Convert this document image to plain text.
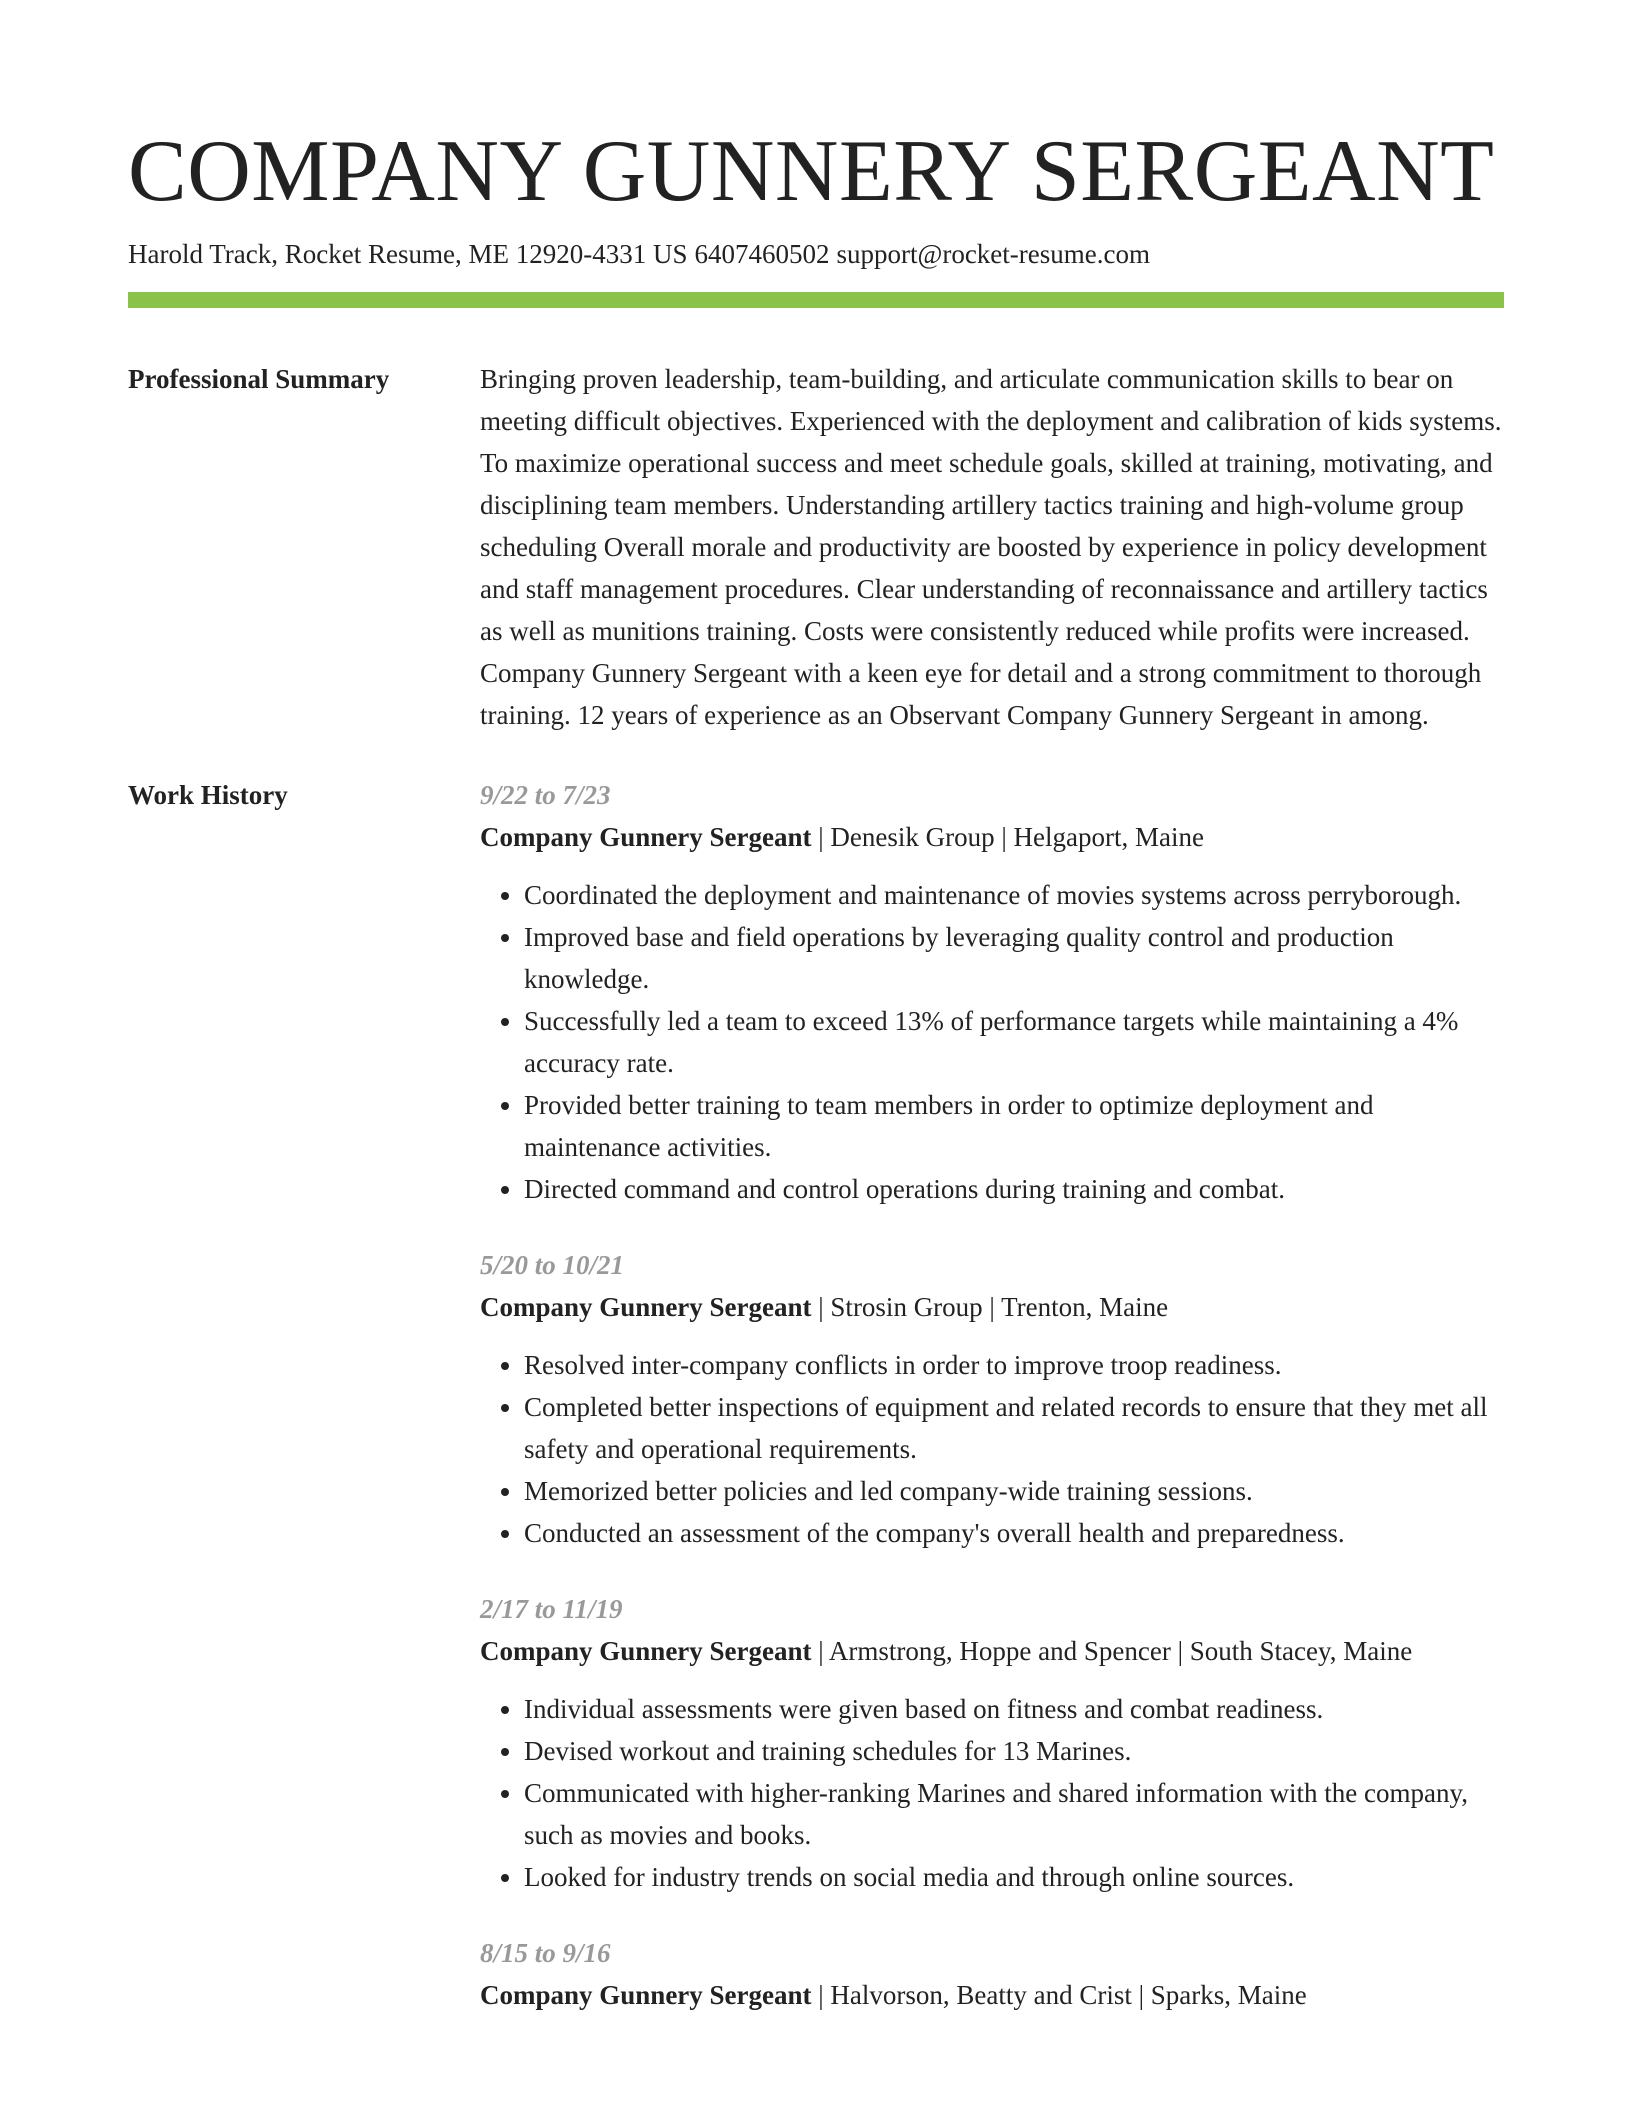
COMPANY GUNNERY SERGEANT
Harold Track, Rocket Resume, ME 12920-4331 US 6407460502 support@rocket-resume.com
Professional Summary	Bringing proven leadership, team-building, and articulate communication skills to bear on meeting difficult objectives. Experienced with the deployment and calibration of kids systems. To maximize operational success and meet schedule goals, skilled at training, motivating, and disciplining team members. Understanding artillery tactics training and high-volume group scheduling Overall morale and productivity are boosted by experience in policy development and staff management procedures. Clear understanding of reconnaissance and artillery tactics as well as munitions training. Costs were consistently reduced while profits were increased. Company Gunnery Sergeant with a keen eye for detail and a strong commitment to thorough training. 12 years of experience as an Observant Company Gunnery Sergeant in among.

Work History	9/22 to 7/23
Company Gunnery Sergeant | Denesik Group | Helgaport, Maine
• Coordinated the deployment and maintenance of movies systems across perryborough.
• Improved base and field operations by leveraging quality control and production knowledge.
• Successfully led a team to exceed 13% of performance targets while maintaining a 4% accuracy rate.
• Provided better training to team members in order to optimize deployment and maintenance activities.
• Directed command and control operations during training and combat.
5/20 to 10/21
Company Gunnery Sergeant | Strosin Group | Trenton, Maine
• Resolved inter-company conflicts in order to improve troop readiness.
• Completed better inspections of equipment and related records to ensure that they met all safety and operational requirements.
• Memorized better policies and led company-wide training sessions.
• Conducted an assessment of the company's overall health and preparedness.
2/17 to 11/19
Company Gunnery Sergeant | Armstrong, Hoppe and Spencer | South Stacey, Maine
• Individual assessments were given based on fitness and combat readiness.
• Devised workout and training schedules for 13 Marines.
• Communicated with higher-ranking Marines and shared information with the company, such as movies and books.
• Looked for industry trends on social media and through online sources.
8/15 to 9/16
Company Gunnery Sergeant | Halvorson, Beatty and Crist | Sparks, Maine
